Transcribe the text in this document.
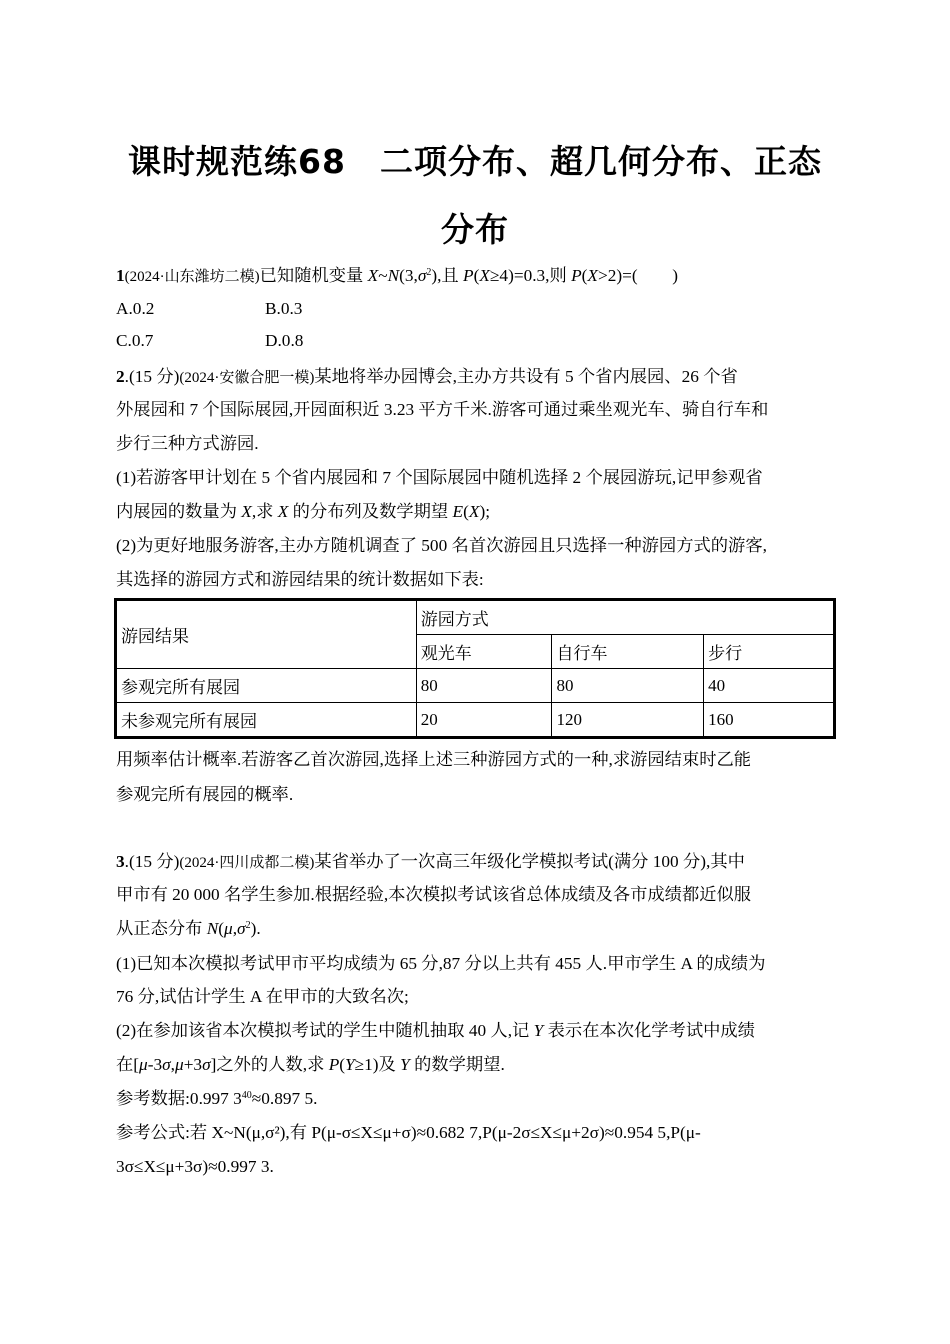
课时规范练68　二项分布、超几何分布、正态
分布
1(2024·山东潍坊二模)已知随机变量 $X\sim N(3,\sigma^2)$,且 P(X≥4)=0.3,则 P(X>2)=(　　)
A.0.2	B.0.3
C.0.7	D.0.8
2.(15 分)(2024·安徽合肥一模)某地将举办园博会,主办方共设有 5 个省内展园、26 个省
外展园和 7 个国际展园,开园面积近 3.23 平方千米.游客可通过乘坐观光车、骑自行车和
步行三种方式游园.
(1)若游客甲计划在 5 个省内展园和 7 个国际展园中随机选择 2 个展园游玩,记甲参观省
内展园的数量为 X,求 X 的分布列及数学期望 E(X);
(2)为更好地服务游客,主办方随机调查了 500 名首次游园且只选择一种游园方式的游客,
其选择的游园方式和游园结果的统计数据如下表:
游园结果	游园方式		
	观光车	自行车	步行
参观完所有展园	80	80	40
未参观完所有展园	20	120	160
用频率估计概率.若游客乙首次游园,选择上述三种游园方式的一种,求游园结束时乙能
参观完所有展园的概率.
3.(15 分)(2024·四川成都二模)某省举办了一次高三年级化学模拟考试(满分 100 分),其中
甲市有 20 000 名学生参加.根据经验,本次模拟考试该省总体成绩及各市成绩都近似服
从正态分布 $N(\mu,\sigma^2)$.
(1)已知本次模拟考试甲市平均成绩为 65 分,87 分以上共有 455 人.甲市学生 A 的成绩为
76 分,试估计学生 A 在甲市的大致名次;
(2)在参加该省本次模拟考试的学生中随机抽取 40 人,记 Y 表示在本次化学考试中成绩
在[μ-3σ,μ+3σ]之外的人数,求 P(Y≥1)及 Y 的数学期望.
参考数据:0.997 $3^{40}\approx 0.897$ 5.
参考公式:若 X~N(μ,σ²),有 P(μ-σ≤X≤μ+σ)≈0.682 7,P(μ-2σ≤X≤μ+2σ)≈0.954 5,P(μ-
3σ≤X≤μ+3σ)≈0.997 3.
